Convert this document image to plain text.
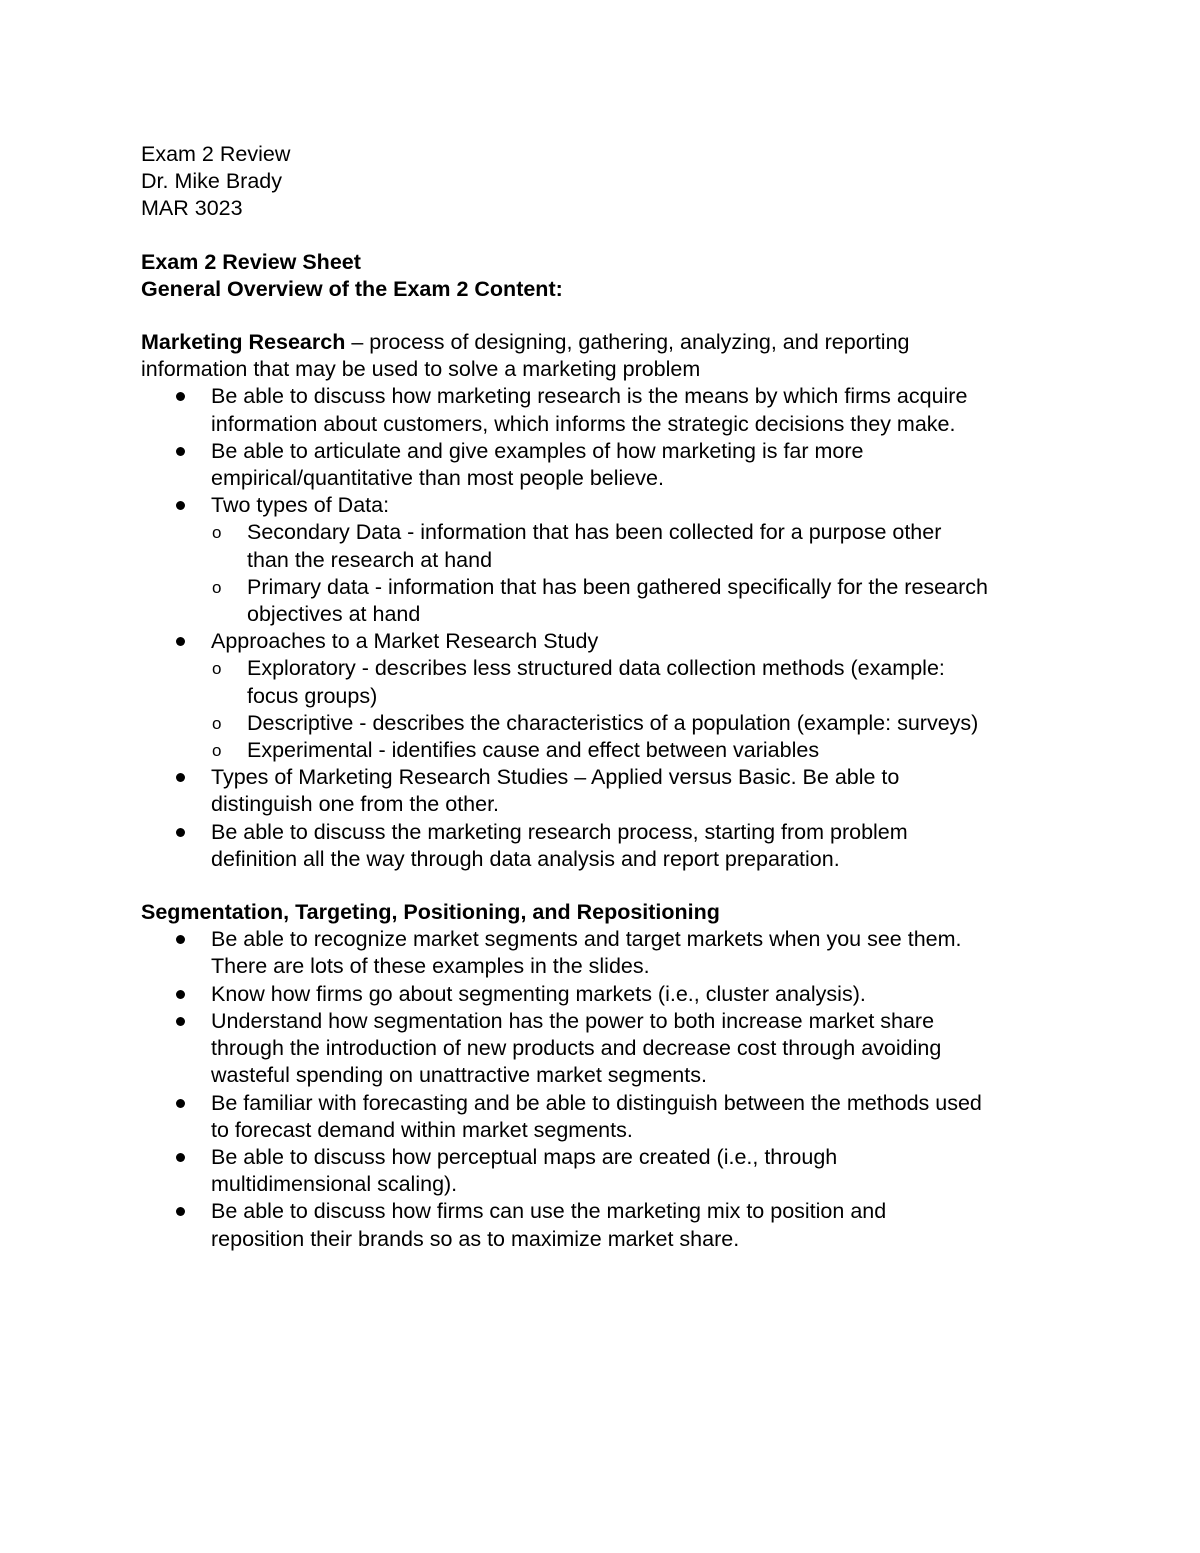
Exam 2 Review
Dr. Mike Brady
MAR 3023
Exam 2 Review Sheet
General Overview of the Exam 2 Content:
Marketing Research – process of designing, gathering, analyzing, and reporting
information that may be used to solve a marketing problem
Be able to discuss how marketing research is the means by which firms acquire
information about customers, which informs the strategic decisions they make.
Be able to articulate and give examples of how marketing is far more
empirical/quantitative than most people believe.
Two types of Data:
o Secondary Data - information that has been collected for a purpose other
than the research at hand
o Primary data - information that has been gathered specifically for the research
objectives at hand
Approaches to a Market Research Study
o Exploratory - describes less structured data collection methods (example:
focus groups)
o Descriptive - describes the characteristics of a population (example: surveys)
o Experimental - identifies cause and effect between variables
Types of Marketing Research Studies – Applied versus Basic. Be able to
distinguish one from the other.
Be able to discuss the marketing research process, starting from problem
definition all the way through data analysis and report preparation.
Segmentation, Targeting, Positioning, and Repositioning
Be able to recognize market segments and target markets when you see them.
There are lots of these examples in the slides.
Know how firms go about segmenting markets (i.e., cluster analysis).
Understand how segmentation has the power to both increase market share
through the introduction of new products and decrease cost through avoiding
wasteful spending on unattractive market segments.
Be familiar with forecasting and be able to distinguish between the methods used
to forecast demand within market segments.
Be able to discuss how perceptual maps are created (i.e., through
multidimensional scaling).
Be able to discuss how firms can use the marketing mix to position and
reposition their brands so as to maximize market share.
